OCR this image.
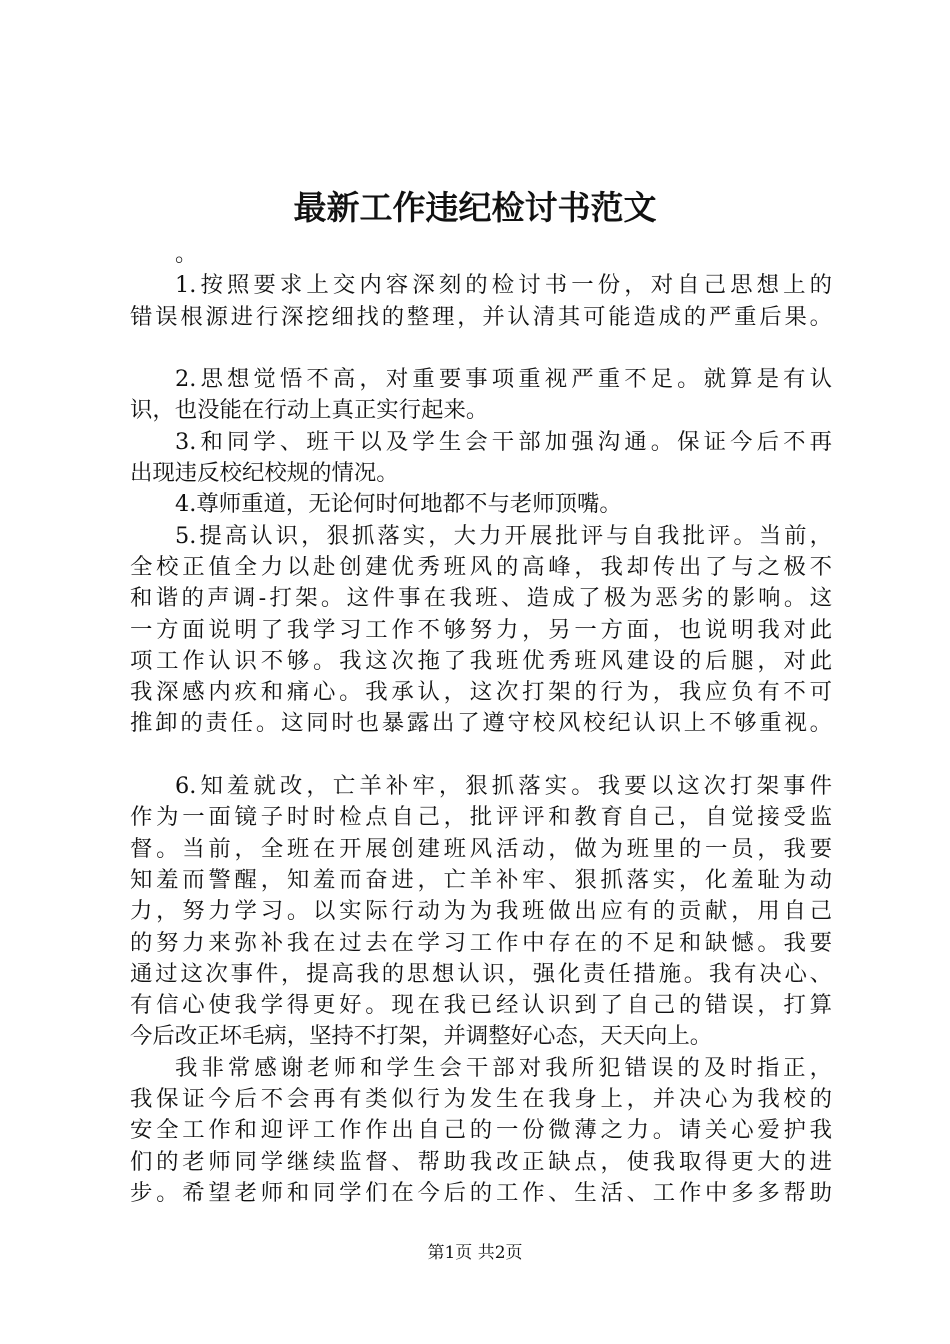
最新工作违纪检讨书范文
。
1.按照要求上交内容深刻的检讨书一份，对自己思想上的
错误根源进行深挖细找的整理，并认清其可能造成的严重后果。
2.思想觉悟不高，对重要事项重视严重不足。就算是有认
识，也没能在行动上真正实行起来。
3.和同学、班干以及学生会干部加强沟通。保证今后不再
出现违反校纪校规的情况。
4.尊师重道，无论何时何地都不与老师顶嘴。
5.提高认识，狠抓落实，大力开展批评与自我批评。当前，
全校正值全力以赴创建优秀班风的高峰，我却传出了与之极不
和谐的声调-打架。这件事在我班、造成了极为恶劣的影响。这
一方面说明了我学习工作不够努力，另一方面，也说明我对此
项工作认识不够。我这次拖了我班优秀班风建设的后腿，对此
我深感内疚和痛心。我承认，这次打架的行为，我应负有不可
推卸的责任。这同时也暴露出了遵守校风校纪认识上不够重视。
6.知羞就改，亡羊补牢，狠抓落实。我要以这次打架事件
作为一面镜子时时检点自己，批评评和教育自己，自觉接受监
督。当前，全班在开展创建班风活动，做为班里的一员，我要
知羞而警醒，知羞而奋进，亡羊补牢、狠抓落实，化羞耻为动
力，努力学习。以实际行动为为我班做出应有的贡献，用自己
的努力来弥补我在过去在学习工作中存在的不足和缺憾。我要
通过这次事件，提高我的思想认识，强化责任措施。我有决心、
有信心使我学得更好。现在我已经认识到了自己的错误，打算
今后改正坏毛病，坚持不打架，并调整好心态，天天向上。
我非常感谢老师和学生会干部对我所犯错误的及时指正，
我保证今后不会再有类似行为发生在我身上，并决心为我校的
安全工作和迎评工作作出自己的一份微薄之力。请关心爱护我
们的老师同学继续监督、帮助我改正缺点，使我取得更大的进
步。希望老师和同学们在今后的工作、生活、工作中多多帮助
第1页 共2页
